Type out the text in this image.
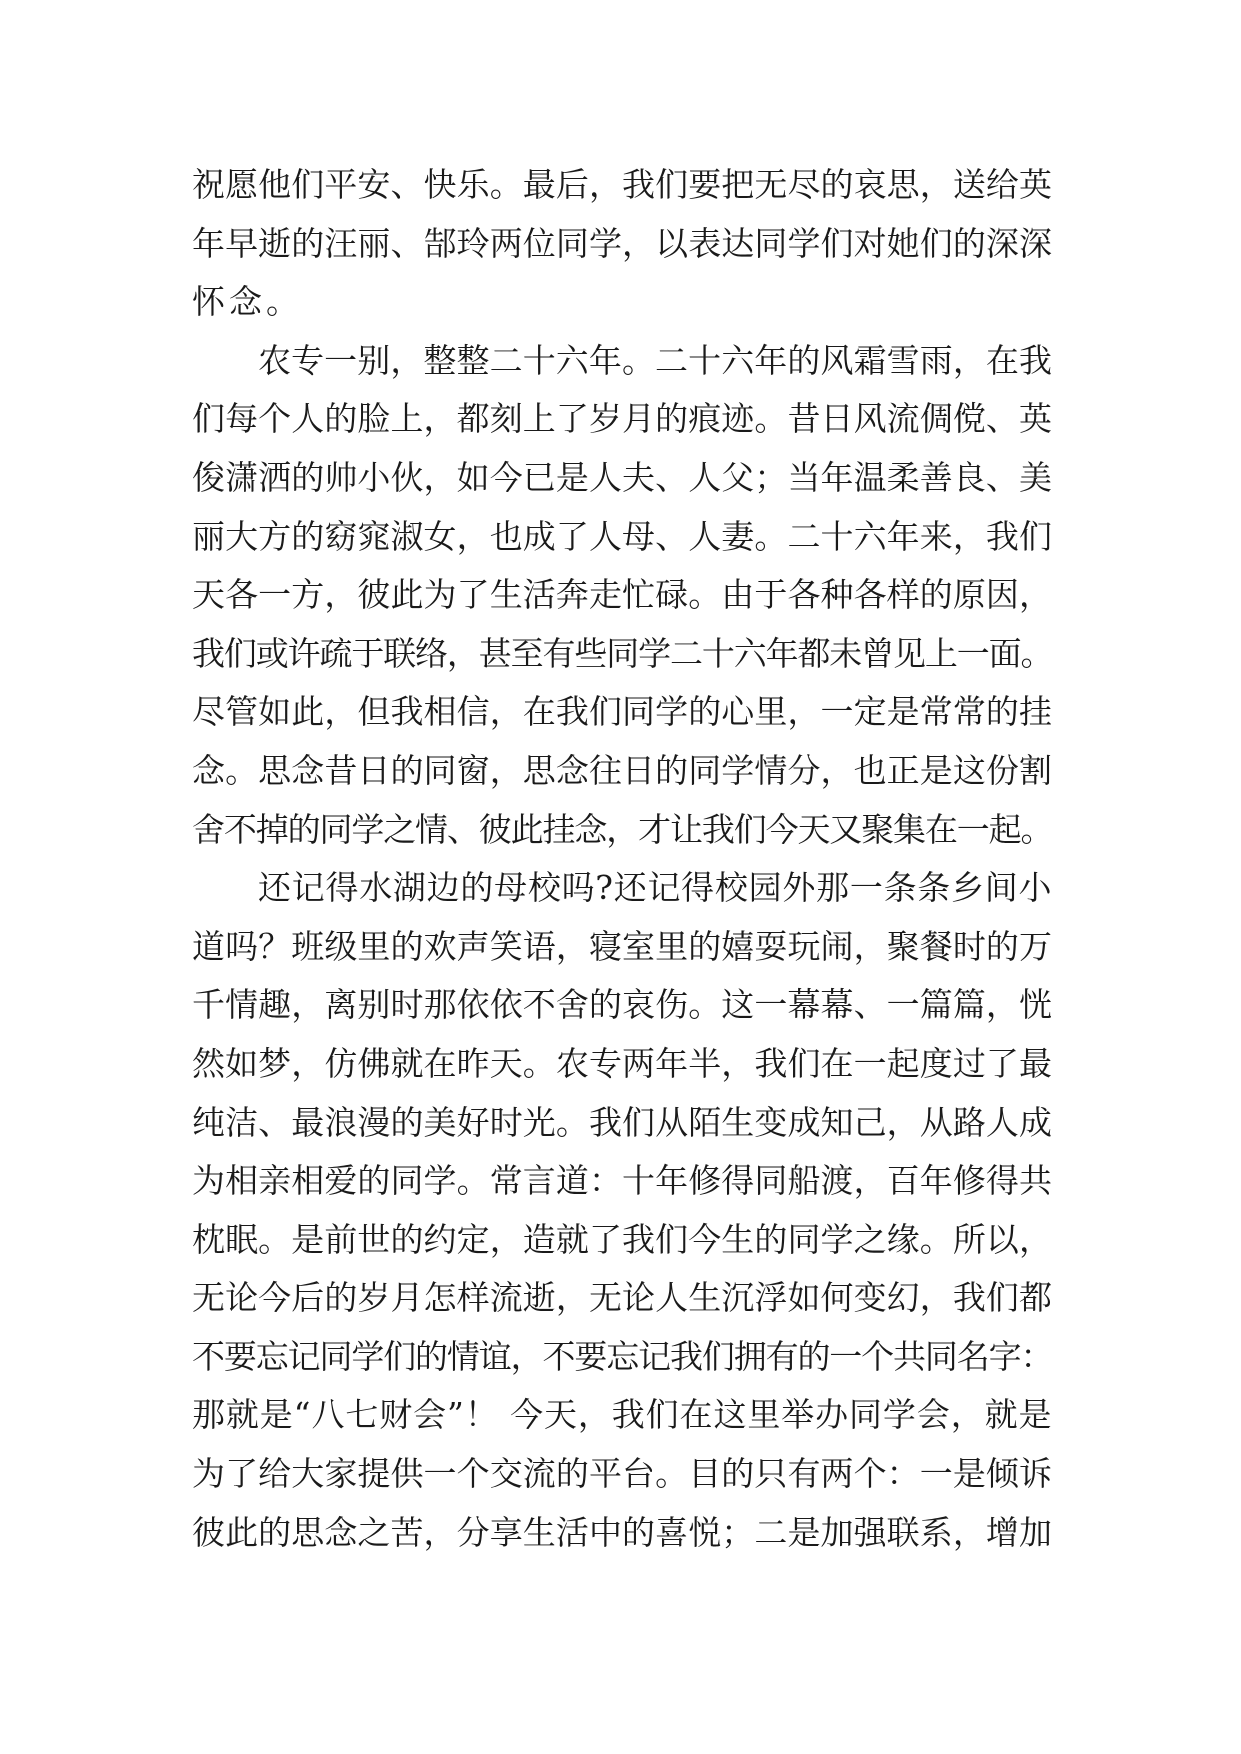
祝愿他们平安、快乐。最后，我们要把无尽的哀思，送给英
年早逝的汪丽、郜玲两位同学，以表达同学们对她们的深深
怀念。
农专一别，整整二十六年。二十六年的风霜雪雨，在我
们每个人的脸上，都刻上了岁月的痕迹。昔日风流倜傥、英
俊潇洒的帅小伙，如今已是人夫、人父；当年温柔善良、美
丽大方的窈窕淑女，也成了人母、人妻。二十六年来，我们
天各一方，彼此为了生活奔走忙碌。由于各种各样的原因，
我们或许疏于联络，甚至有些同学二十六年都未曾见上一面。
尽管如此，但我相信，在我们同学的心里，一定是常常的挂
念。思念昔日的同窗，思念往日的同学情分，也正是这份割
舍不掉的同学之情、彼此挂念，才让我们今天又聚集在一起。
还记得水湖边的母校吗?还记得校园外那一条条乡间小
道吗？班级里的欢声笑语，寝室里的嬉耍玩闹，聚餐时的万
千情趣，离别时那依依不舍的哀伤。这一幕幕、一篇篇，恍
然如梦，仿佛就在昨天。农专两年半，我们在一起度过了最
纯洁、最浪漫的美好时光。我们从陌生变成知己，从路人成
为相亲相爱的同学。常言道：十年修得同船渡，百年修得共
枕眠。是前世的约定，造就了我们今生的同学之缘。所以，
无论今后的岁月怎样流逝，无论人生沉浮如何变幻，我们都
不要忘记同学们的情谊，不要忘记我们拥有的一个共同名字：
那就是“八七财会”！ 今天，我们在这里举办同学会，就是
为了给大家提供一个交流的平台。目的只有两个：一是倾诉
彼此的思念之苦，分享生活中的喜悦；二是加强联系，增加
